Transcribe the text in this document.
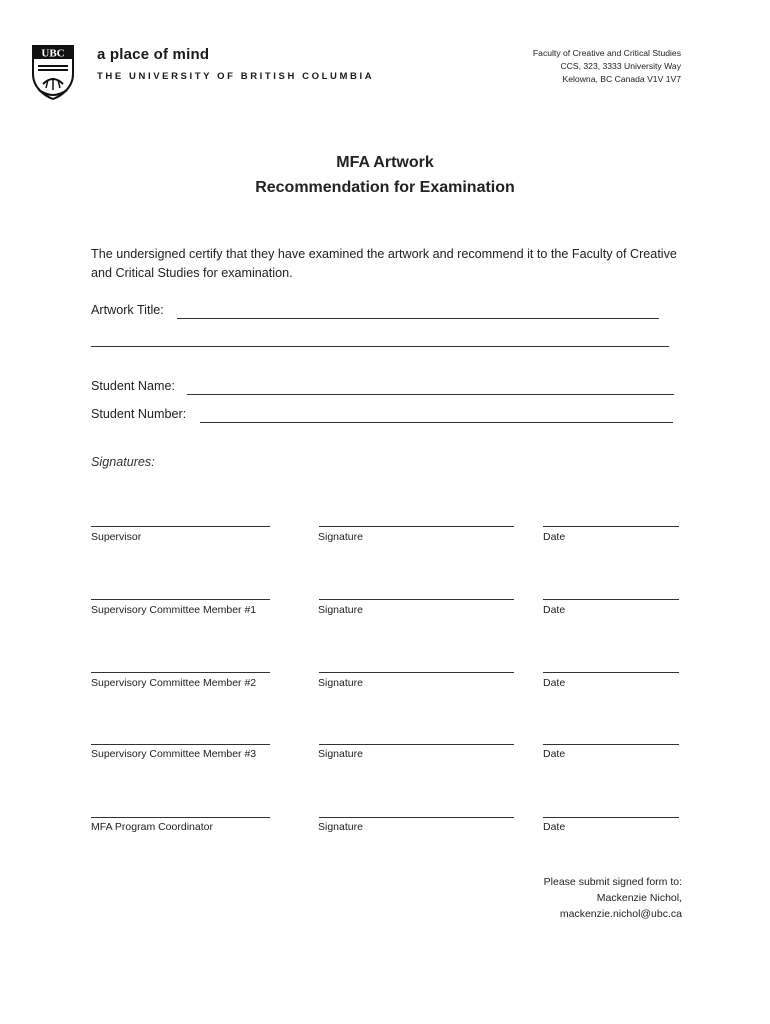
UBC a place of mind
THE UNIVERSITY OF BRITISH COLUMBIA
Faculty of Creative and Critical Studies
CCS, 323, 3333 University Way
Kelowna, BC Canada V1V 1V7
MFA Artwork
Recommendation for Examination
The undersigned certify that they have examined the artwork and recommend it to the Faculty of Creative and Critical Studies for examination.
Artwork Title:
Student Name:
Student Number:
Signatures:
Supervisor	Signature	Date
Supervisory Committee Member #1	Signature	Date
Supervisory Committee Member #2	Signature	Date
Supervisory Committee Member #3	Signature	Date
MFA Program Coordinator	Signature	Date
Please submit signed form to:
Mackenzie Nichol,
mackenzie.nichol@ubc.ca
